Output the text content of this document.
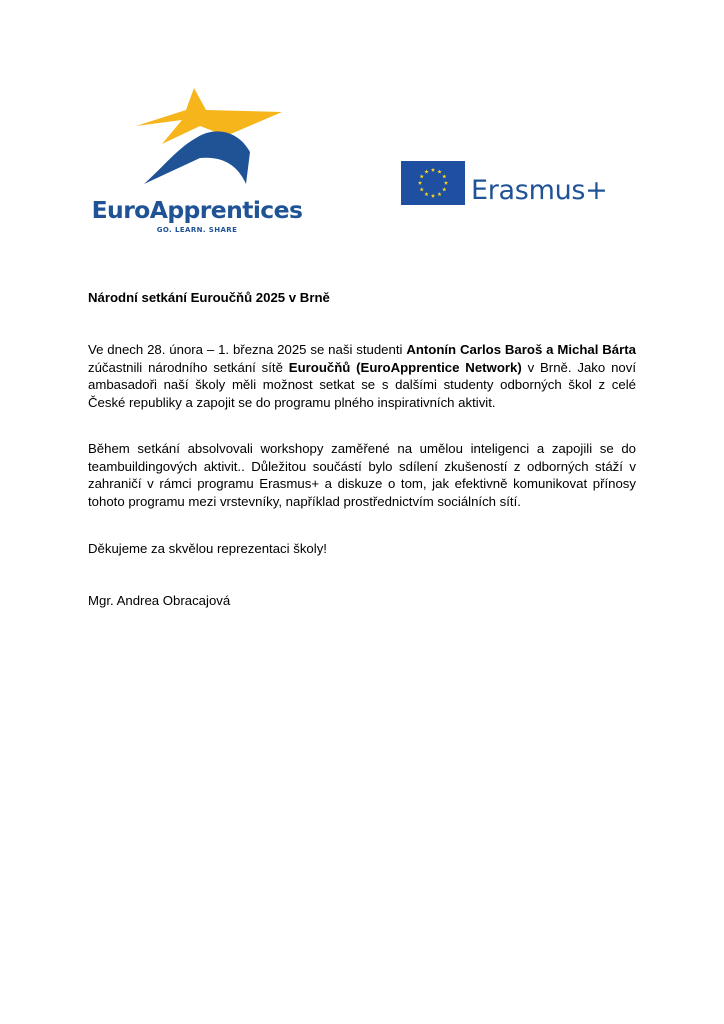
EuroApprentices
GO. LEARN. SHARE
Erasmus+
Národní setkání Euroučňů 2025 v Brně

Ve dnech 28. února – 1. března 2025 se naši studenti Antonín Carlos Baroš a Michal Bárta zúčastnili národního setkání sítě Eurоučňů (EuroApprentice Network) v Brně. Jako noví ambasadoři naší školy měli možnost setkat se s dalšími studenty odborných škol z celé České republiky a zapojit se do programu plného inspirativních aktivit.

Během setkání absolvovali workshopy zaměřené na umělou inteligenci a zapojili se do teambuildingových aktivit.. Důležitou součástí bylo sdílení zkušeností z odborných stáží v zahraničí v rámci programu Erasmus+ a diskuze o tom, jak efektivně komunikovat přínosy tohoto programu mezi vrstevníky, například prostřednictvím sociálních sítí.

Děkujeme za skvělou reprezentaci školy!

Mgr. Andrea Obracajová
